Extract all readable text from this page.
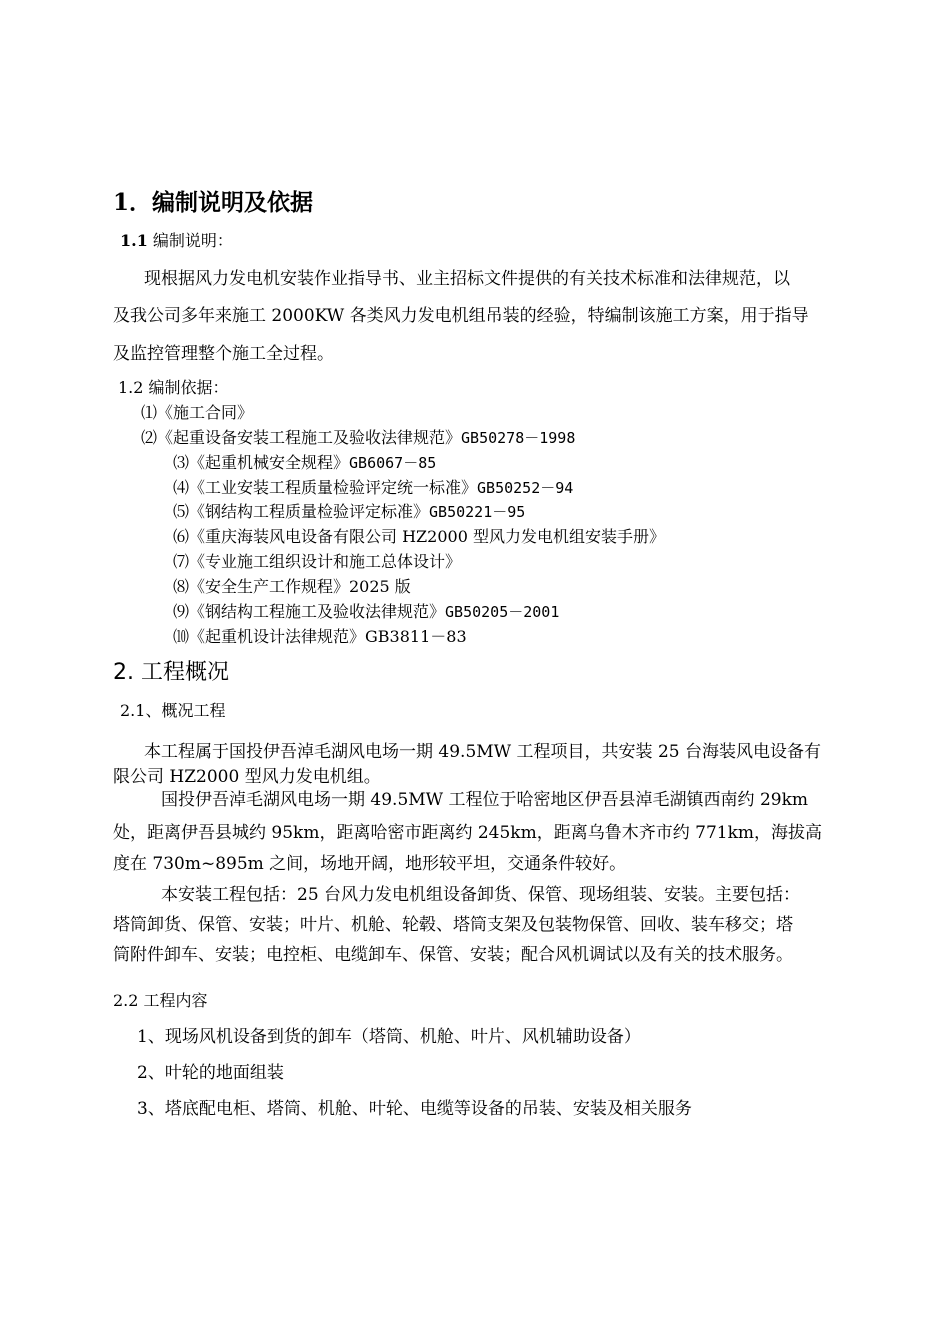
1．编制说明及依据
1.1 编制说明：
现根据风力发电机安装作业指导书、业主招标文件提供的有关技术标准和法律规范，以
及我公司多年来施工 2000KW 各类风力发电机组吊装的经验，特编制该施工方案，用于指导
及监控管理整个施工全过程。
1.2 编制依据：
⑴《施工合同》
⑵《起重设备安装工程施工及验收法律规范》GB50278－1998
⑶《起重机械安全规程》GB6067－85
⑷《工业安装工程质量检验评定统一标准》GB50252－94
⑸《钢结构工程质量检验评定标准》GB50221－95
⑹《重庆海装风电设备有限公司 HZ2000 型风力发电机组安装手册》
⑺《专业施工组织设计和施工总体设计》
⑻《安全生产工作规程》2025 版
⑼《钢结构工程施工及验收法律规范》GB50205－2001
⑽《起重机设计法律规范》GB3811－83
2. 工程概况
2.1、概况工程
本工程属于国投伊吾淖毛湖风电场一期 49.5MW 工程项目，共安装 25 台海装风电设备有
限公司 HZ2000 型风力发电机组。
国投伊吾淖毛湖风电场一期 49.5MW 工程位于哈密地区伊吾县淖毛湖镇西南约 29km
处，距离伊吾县城约 95km，距离哈密市距离约 245km，距离乌鲁木齐市约 771km，海拔高
度在 730m~895m 之间，场地开阔，地形较平坦，交通条件较好。
本安装工程包括：25 台风力发电机组设备卸货、保管、现场组装、安装。主要包括：
塔筒卸货、保管、安装；叶片、机舱、轮毂、塔筒支架及包装物保管、回收、装车移交；塔
筒附件卸车、安装；电控柜、电缆卸车、保管、安装；配合风机调试以及有关的技术服务。
2.2 工程内容
1、现场风机设备到货的卸车（塔筒、机舱、叶片、风机辅助设备）
2、叶轮的地面组装
3、塔底配电柜、塔筒、机舱、叶轮、电缆等设备的吊装、安装及相关服务
